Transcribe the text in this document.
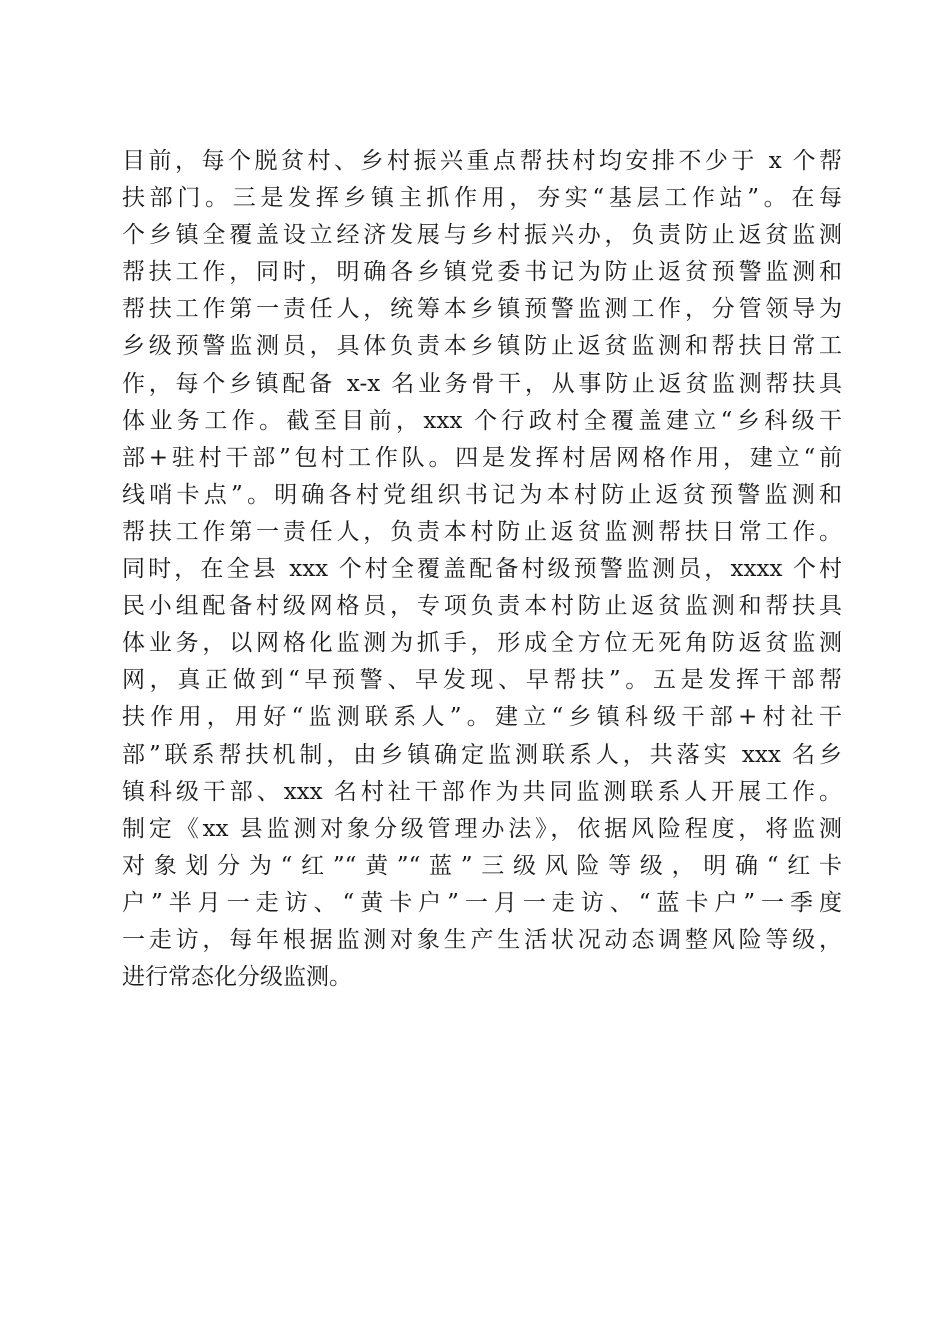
目前，每个脱贫村、乡村振兴重点帮扶村均安排不少于 x 个帮
扶部门。三是发挥乡镇主抓作用，夯实“基层工作站”。在每
个乡镇全覆盖设立经济发展与乡村振兴办，负责防止返贫监测
帮扶工作，同时，明确各乡镇党委书记为防止返贫预警监测和
帮扶工作第一责任人，统筹本乡镇预警监测工作，分管领导为
乡级预警监测员，具体负责本乡镇防止返贫监测和帮扶日常工
作，每个乡镇配备 x-x 名业务骨干，从事防止返贫监测帮扶具
体业务工作。截至目前，xxx 个行政村全覆盖建立“乡科级干
部+驻村干部”包村工作队。四是发挥村居网格作用，建立“前
线哨卡点”。明确各村党组织书记为本村防止返贫预警监测和
帮扶工作第一责任人，负责本村防止返贫监测帮扶日常工作。
同时，在全县 xxx 个村全覆盖配备村级预警监测员，xxxx 个村
民小组配备村级网格员，专项负责本村防止返贫监测和帮扶具
体业务，以网格化监测为抓手，形成全方位无死角防返贫监测
网，真正做到“早预警、早发现、早帮扶”。五是发挥干部帮
扶作用，用好“监测联系人”。建立“乡镇科级干部+村社干
部”联系帮扶机制，由乡镇确定监测联系人，共落实 xxx 名乡
镇科级干部、xxx 名村社干部作为共同监测联系人开展工作。
制定《xx 县监测对象分级管理办法》，依据风险程度，将监测
对象划分为“红”“黄”“蓝”三级风险等级，明确“红卡
户”半月一走访、“黄卡户”一月一走访、“蓝卡户”一季度
一走访，每年根据监测对象生产生活状况动态调整风险等级，
进行常态化分级监测。
